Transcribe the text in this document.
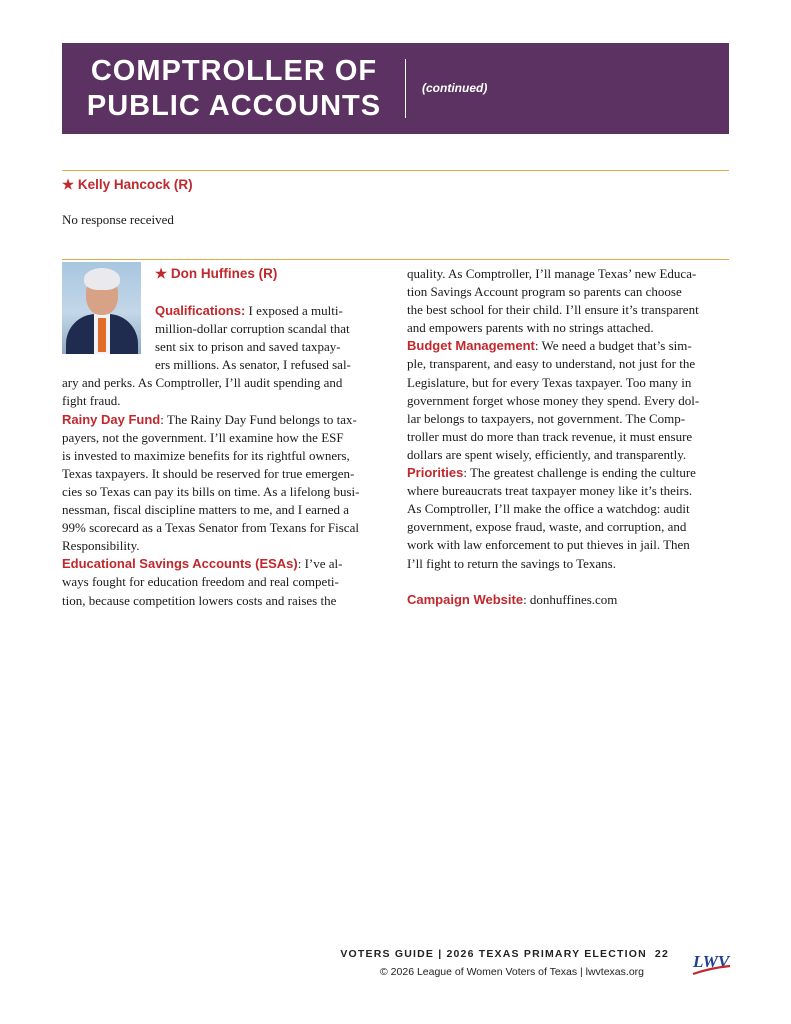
COMPTROLLER OF
PUBLIC ACCOUNTS
(continued)
★ Kelly Hancock (R)
No response received
★ Don Huffines (R)
Qualifications: I exposed a multi-
million-dollar corruption scandal that
sent six to prison and saved taxpay-
ers millions. As senator, I refused sal-
ary and perks. As Comptroller, I’ll audit spending and
fight fraud.
Rainy Day Fund: The Rainy Day Fund belongs to tax-
payers, not the government. I’ll examine how the ESF
is invested to maximize benefits for its rightful owners,
Texas taxpayers. It should be reserved for true emergen-
cies so Texas can pay its bills on time. As a lifelong busi-
nessman, fiscal discipline matters to me, and I earned a
99% scorecard as a Texas Senator from Texans for Fiscal
Responsibility.
Educational Savings Accounts (ESAs): I’ve al-
ways fought for education freedom and real competi-
tion, because competition lowers costs and raises the
quality. As Comptroller, I’ll manage Texas’ new Educa-
tion Savings Account program so parents can choose
the best school for their child. I’ll ensure it’s transparent
and empowers parents with no strings attached.
Budget Management: We need a budget that’s sim-
ple, transparent, and easy to understand, not just for the
Legislature, but for every Texas taxpayer. Too many in
government forget whose money they spend. Every dol-
lar belongs to taxpayers, not government. The Comp-
troller must do more than track revenue, it must ensure
dollars are spent wisely, efficiently, and transparently.
Priorities: The greatest challenge is ending the culture
where bureaucrats treat taxpayer money like it’s theirs.
As Comptroller, I’ll make the office a watchdog: audit
government, expose fraud, waste, and corruption, and
work with law enforcement to put thieves in jail. Then
I’ll fight to return the savings to Texans.
Campaign Website: donhuffines.com
VOTERS GUIDE | 2026 TEXAS PRIMARY ELECTION 22
© 2026 League of Women Voters of Texas | lwvtexas.org
LWV
